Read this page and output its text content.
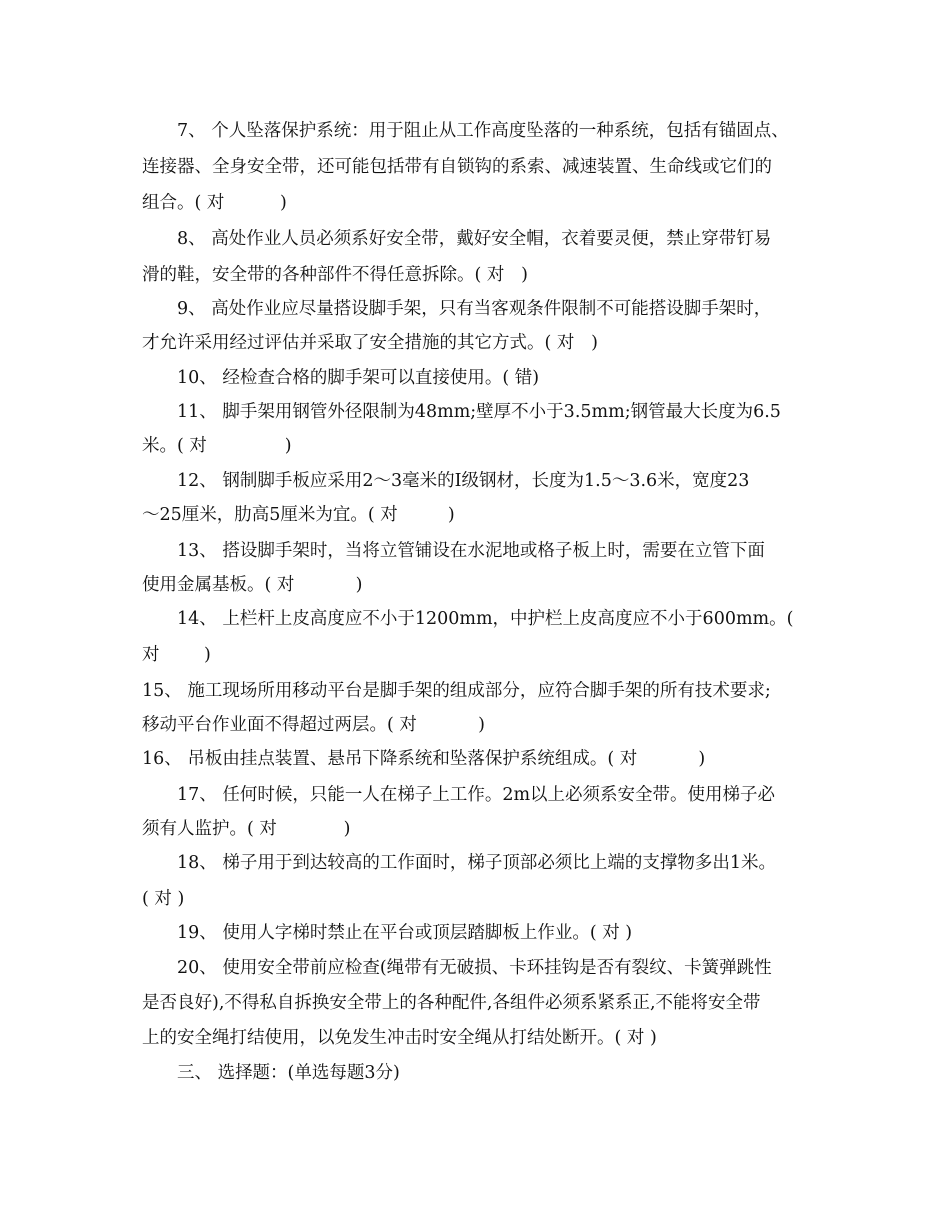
7、 个人坠落保护系统：用于阻止从工作高度坠落的一种系统，包括有锚固点、
连接器、全身安全带，还可能包括带有自锁钩的系索、减速装置、生命线或它们的
组合。( 对          )
8、 高处作业人员必须系好安全带，戴好安全帽，衣着要灵便，禁止穿带钉易
滑的鞋，安全带的各种部件不得任意拆除。( 对   )
9、 高处作业应尽量搭设脚手架，只有当客观条件限制不可能搭设脚手架时，
才允许采用经过评估并采取了安全措施的其它方式。( 对   )
10、 经检查合格的脚手架可以直接使用。( 错)
11、 脚手架用钢管外径限制为48mm;壁厚不小于3.5mm;钢管最大长度为6.5
米。( 对              )
12、 钢制脚手板应采用2～3毫米的I级钢材，长度为1.5～3.6米，宽度23
～25厘米，肋高5厘米为宜。( 对         )
13、 搭设脚手架时，当将立管铺设在水泥地或格子板上时，需要在立管下面
使用金属基板。( 对           )
14、 上栏杆上皮高度应不小于1200mm，中护栏上皮高度应不小于600mm。(
对        )
15、 施工现场所用移动平台是脚手架的组成部分，应符合脚手架的所有技术要求;
移动平台作业面不得超过两层。( 对           )
16、 吊板由挂点装置、悬吊下降系统和坠落保护系统组成。( 对           )
17、 任何时候，只能一人在梯子上工作。2m以上必须系安全带。使用梯子必
须有人监护。( 对            )
18、 梯子用于到达较高的工作面时，梯子顶部必须比上端的支撑物多出1米。
( 对 )
19、 使用人字梯时禁止在平台或顶层踏脚板上作业。( 对 )
20、 使用安全带前应检查(绳带有无破损、卡环挂钩是否有裂纹、卡簧弹跳性
是否良好),不得私自拆换安全带上的各种配件,各组件必须系紧系正,不能将安全带
上的安全绳打结使用，以免发生冲击时安全绳从打结处断开。( 对 )
三、 选择题：(单选每题3分)
